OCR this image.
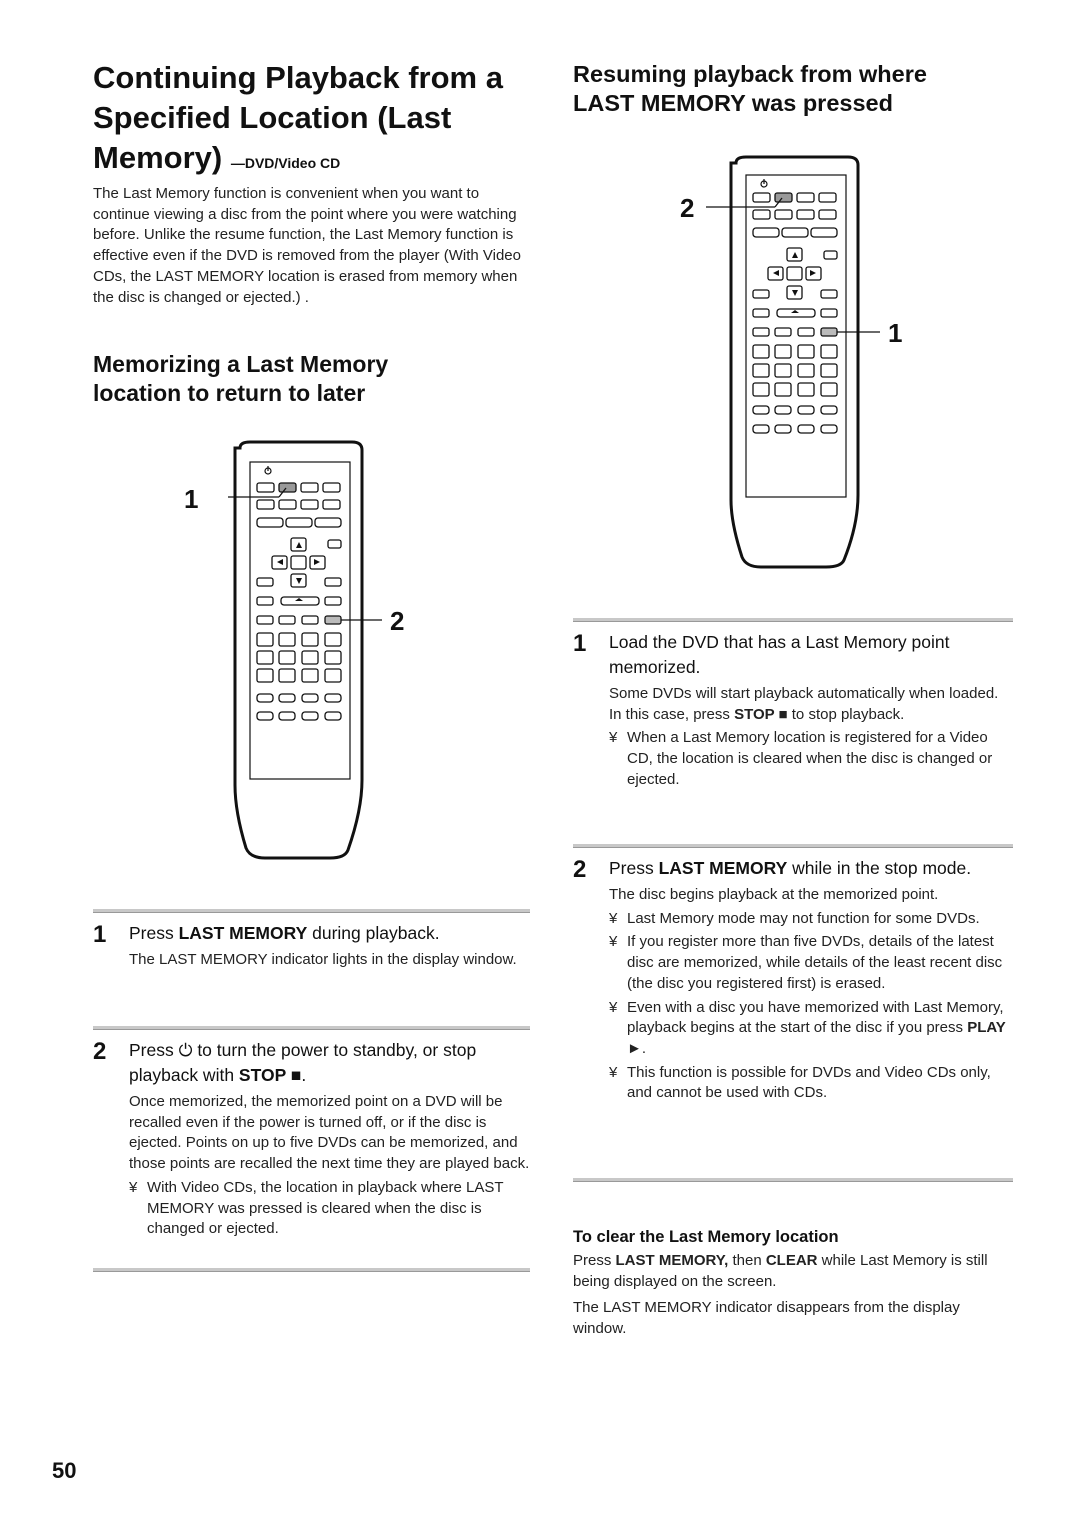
Continuing Playback from a
Specified Location (Last
Memory) —DVD/Video CD
The Last Memory function is convenient when you want to continue viewing a disc from the point where you were watching before. Unlike the resume function, the Last Memory function is effective even if the DVD is removed from the player (With Video CDs, the LAST MEMORY location is erased from memory when the disc is changed or ejected.) .
Memorizing a Last Memory
location to return to later
1
2
1	Press LAST MEMORY during playback.
The LAST MEMORY indicator lights in the display window.
2	Press ⏻ to turn the power to standby, or stop playback with STOP ■.
Once memorized, the memorized point on a DVD will be recalled even if the power is turned off, or if the disc is ejected. Points on up to five DVDs can be memorized, and those points are recalled the next time they are played back.
¥ With Video CDs, the location in playback where LAST MEMORY was pressed is cleared when the disc is changed or ejected.
Resuming playback from where
LAST MEMORY was pressed
2
1
1	Load the DVD that has a Last Memory point memorized.
Some DVDs will start playback automatically when loaded. In this case, press STOP ■ to stop playback.
¥ When a Last Memory location is registered for a Video CD, the location is cleared when the disc is changed or ejected.
2	Press LAST MEMORY while in the stop mode.
The disc begins playback at the memorized point.
¥ Last Memory mode may not function for some DVDs.
¥ If you register more than five DVDs, details of the latest disc are memorized, while details of the least recent disc (the disc you registered first) is erased.
¥ Even with a disc you have memorized with Last Memory, playback begins at the start of the disc if you press PLAY ►.
¥ This function is possible for DVDs and Video CDs only, and cannot be used with CDs.
To clear the Last Memory location
Press LAST MEMORY, then CLEAR while Last Memory is still being displayed on the screen.
The LAST MEMORY indicator disappears from the display window.
50
